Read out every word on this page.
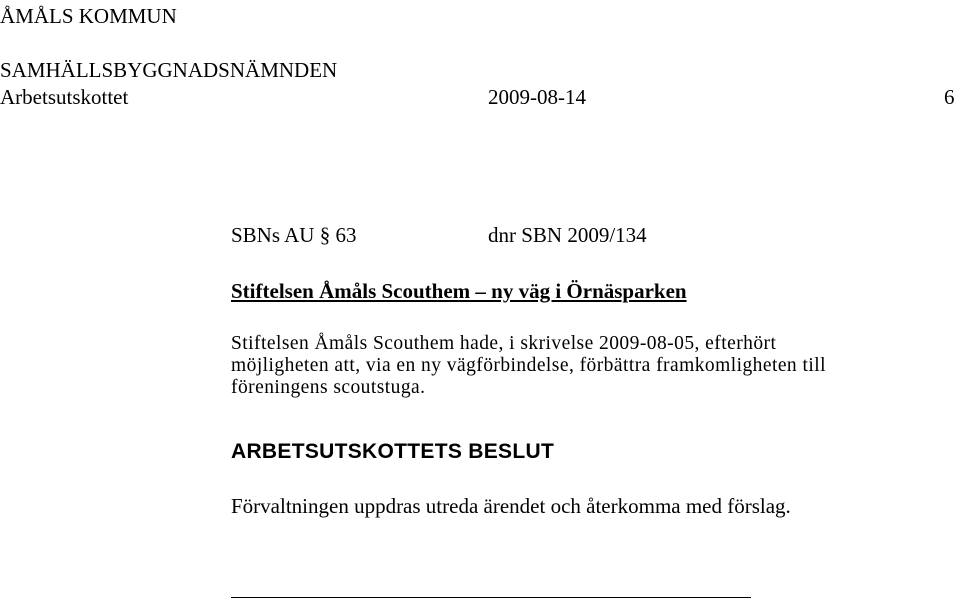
ÅMÅLS KOMMUN
SAMHÄLLSBYGGNADSNÄMNDEN
Arbetsutskottet	2009-08-14	6
SBNs AU § 63	dnr SBN 2009/134
Stiftelsen Åmåls Scouthem – ny väg i Örnäsparken
Stiftelsen Åmåls Scouthem hade, i skrivelse 2009-08-05, efterhört
möjligheten att, via en ny vägförbindelse, förbättra framkomligheten till
föreningens scoutstuga.
ARBETSUTSKOTTETS BESLUT
Förvaltningen uppdras utreda ärendet och återkomma med förslag.
